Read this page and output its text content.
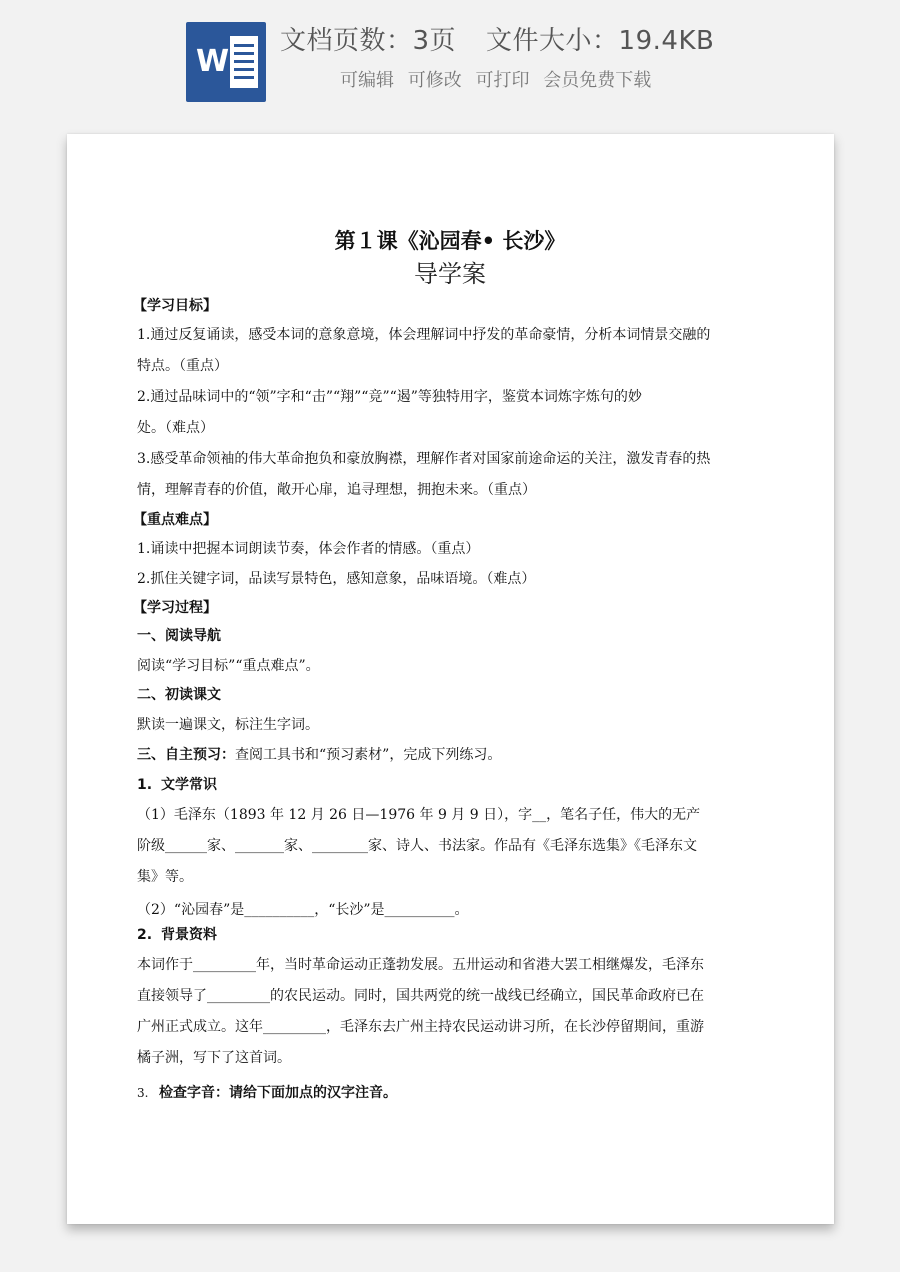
W
文档页数：3页 文件大小：19.4KB
可编辑 可修改 可打印 会员免费下载
第１课《沁园春• 长沙》
导学案
【学习目标】

1.通过反复诵读，感受本词的意象意境，体会理解词中抒发的革命豪情，分析本词情景交融的

特点。（重点）

2.通过品味词中的“领”字和“击”“翔”“竞”“遏”等独特用字，鉴赏本词炼字炼句的妙

处。（难点）

3.感受革命领袖的伟大革命抱负和豪放胸襟，理解作者对国家前途命运的关注，激发青春的热

情，理解青春的价值，敞开心扉，追寻理想，拥抱未来。（重点）

【重点难点】

1.诵读中把握本词朗读节奏，体会作者的情感。（重点）

2.抓住关键字词，品读写景特色，感知意象，品味语境。（难点）

【学习过程】
一、阅读导航

阅读“学习目标”“重点难点”。

二、初读课文

默读一遍课文，标注生字词。

三、自主预习：查阅工具书和“预习素材”，完成下列练习。

1. 文学常识

（1）毛泽东（1893 年 12 月 26 日—1976 年 9 月 9 日），字__，笔名子任，伟大的无产

阶级______家、_______家、________家、诗人、书法家。作品有《毛泽东选集》《毛泽东文

集》等。

（2）“沁园春”是__________，“长沙”是__________。

2. 背景资料

本词作于_________年，当时革命运动正蓬勃发展。五卅运动和省港大罢工相继爆发，毛泽东

直接领导了_________的农民运动。同时，国共两党的统一战线已经确立，国民革命政府已在

广州正式成立。这年_________，毛泽东去广州主持农民运动讲习所，在长沙停留期间，重游

橘子洲，写下了这首词。

3. 检查字音：请给下面加点的汉字注音。
